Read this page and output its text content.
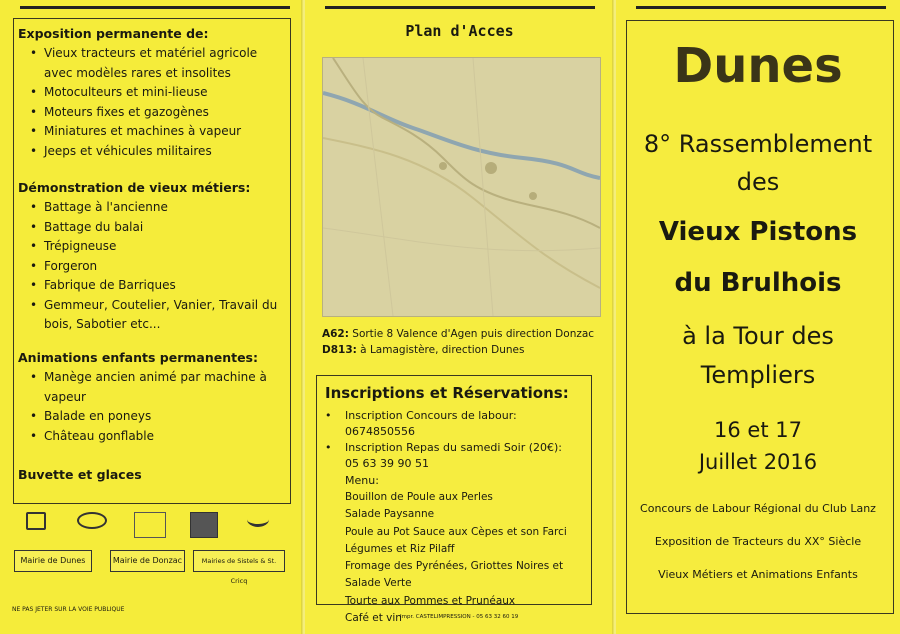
Exposition permanente de:

• Vieux tracteurs et matériel agricole avec modèles rares et insolites
• Motoculteurs et mini-lieuse
• Moteurs fixes et gazogènes
• Miniatures et machines à vapeur
• Jeeps et véhicules militaires

Démonstration de vieux métiers:

• Battage à l'ancienne
• Battage du balai
• Trépigneuse
• Forgeron
• Fabrique de Barriques
• Gemmeur, Coutelier, Vanier, Travail du bois, Sabotier etc...

Animations enfants permanentes:

• Manège ancien animé par machine à vapeur
• Balade en poneys
• Château gonflable

Buvette et glaces

Mairie de Dunes	Mairie de Donzac	Mairies de Sistels & St. Cricq
NE PAS JETER SUR LA VOIE PUBLIQUE
Plan d'Acces
A62: Sortie 8 Valence d'Agen puis direction Donzac
D813: à Lamagistère, direction Dunes
Inscriptions et Réservations:
• Inscription Concours de labour: 0674850556
• Inscription Repas du samedi Soir (20€):
05 63 39 90 51
Menu:
Bouillon de Poule aux Perles
Salade Paysanne
Poule au Pot Sauce aux Cèpes et son Farci
Légumes et Riz Pilaff
Fromage des Pyrénées, Griottes Noires et Salade Verte
Tourte aux Pommes et Prunéaux
Café et vin
Impr. CASTELIMPRESSION - 05 63 32 60 19
Dunes
8° Rassemblement
des
Vieux Pistons
du Brulhois
à la Tour des
Templiers
16 et 17
Juillet 2016
Concours de Labour Régional du Club Lanz
Exposition de Tracteurs du XX° Siècle
Vieux Métiers et Animations Enfants
